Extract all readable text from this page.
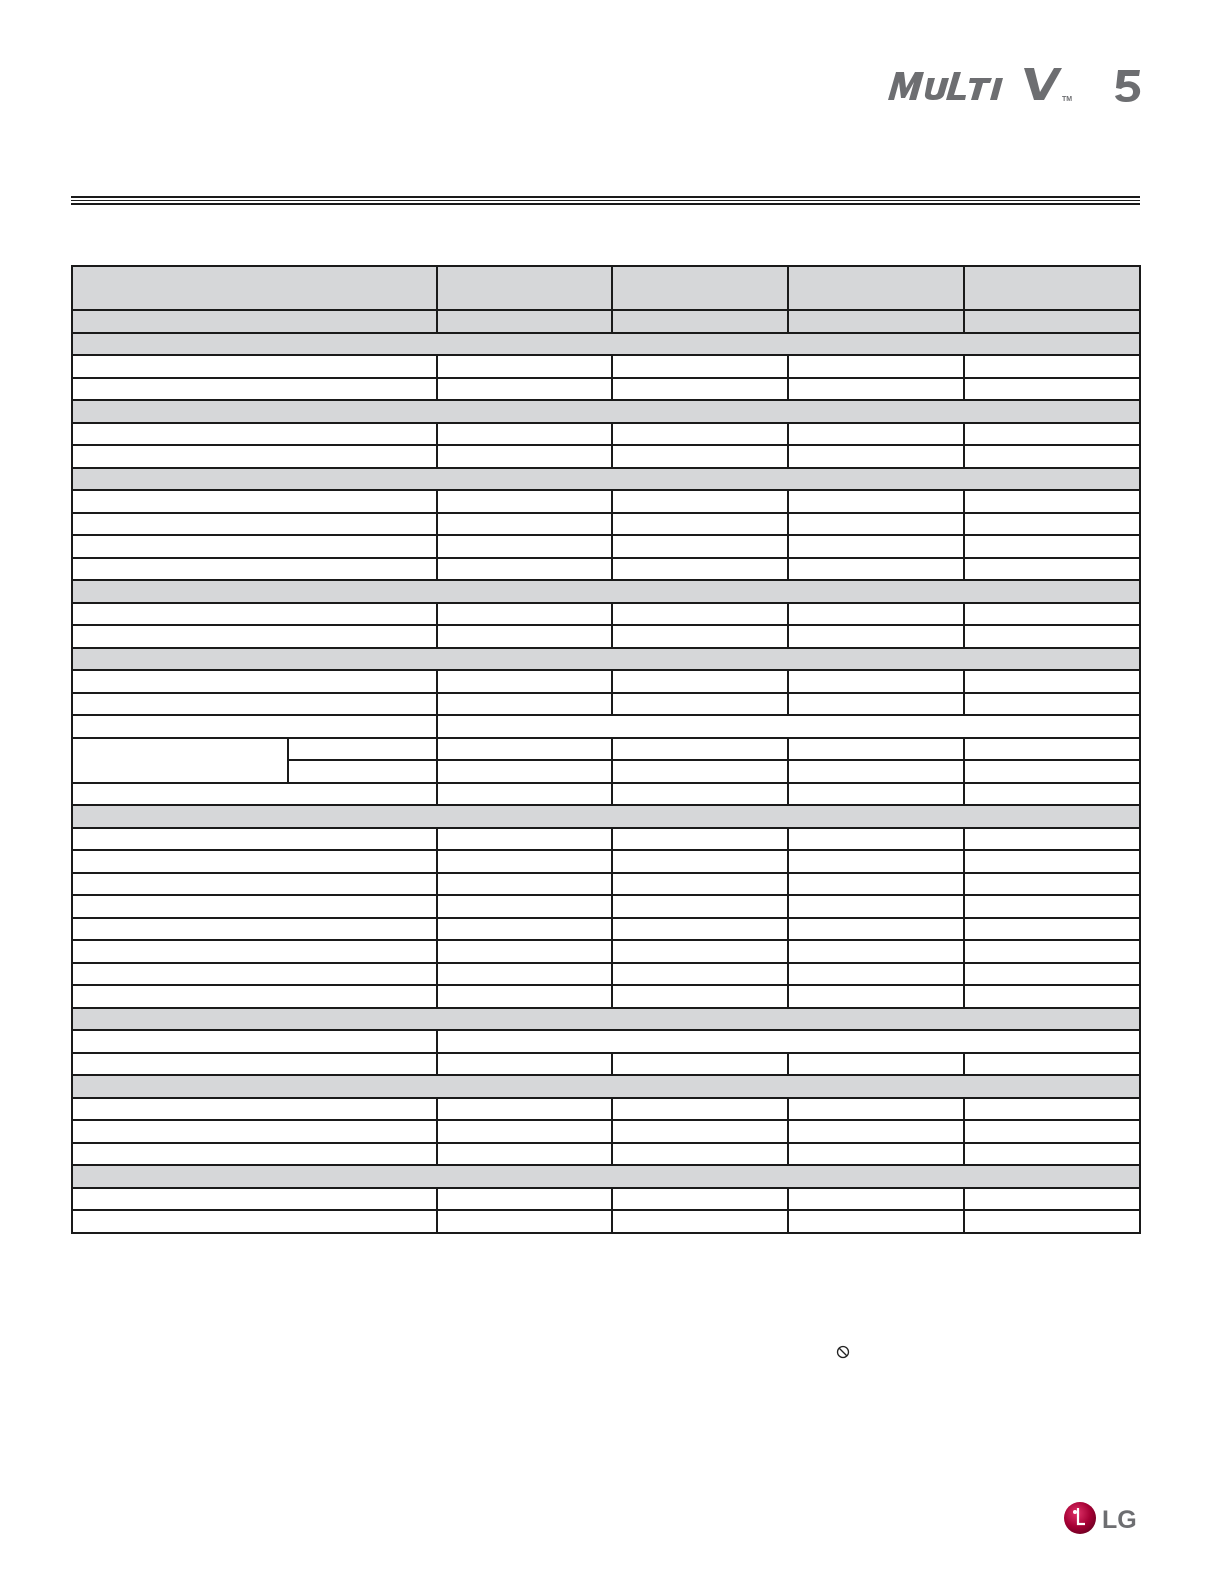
TM

LG
